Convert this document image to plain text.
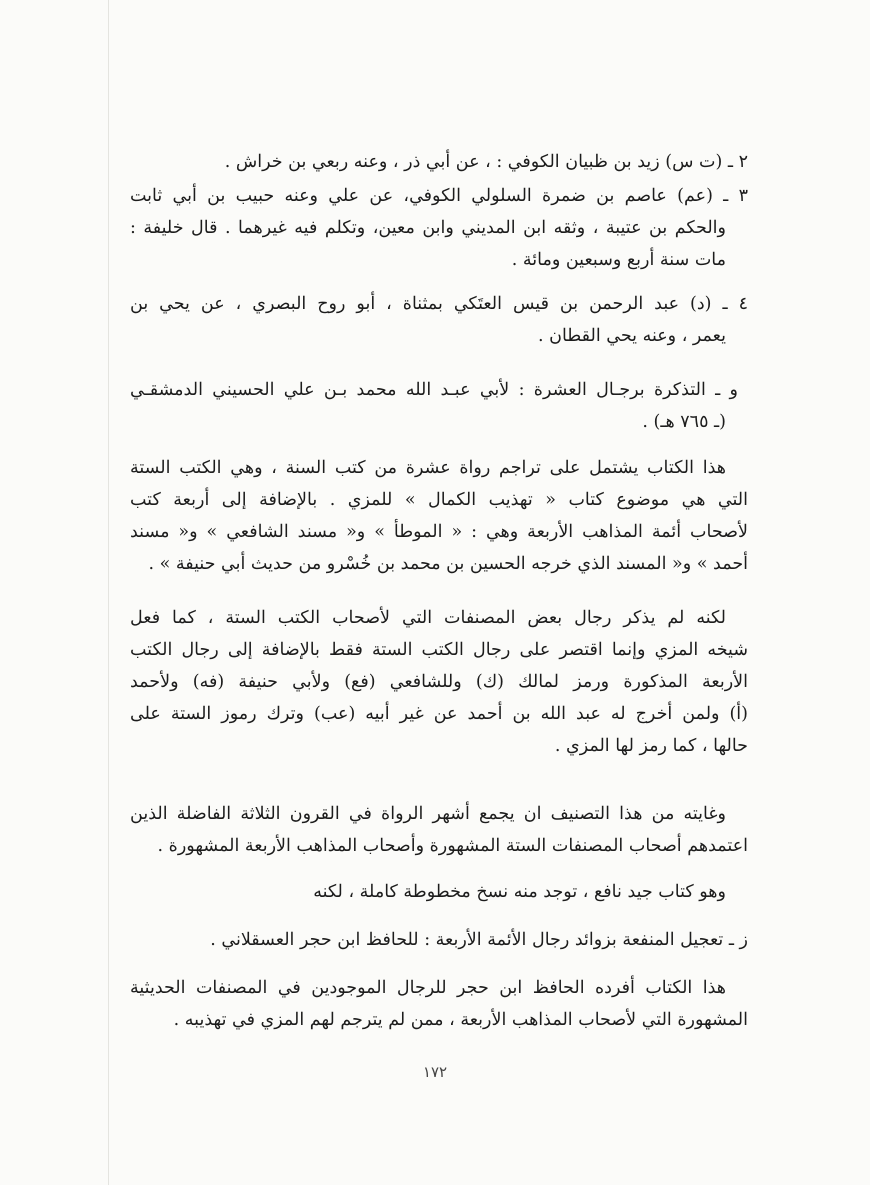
٢ ـ (ت س) زيد بن ظبيان الكوفي : ، عن أبي ذر ، وعنه ربعي بن خراش .

٣ ـ (عم) عاصم بن ضمرة السلولي الكوفي، عن علي وعنه حبيب بن أبي ثابت
والحكم بن عتيبة ، وثقه ابن المديني وابن معين، وتكلم فيه غيرهما . قال خليفة :
مات سنة أربع وسبعين ومائة .

٤ ـ (د) عبد الرحمن بن قيس العتَكي بمثناة ، أبو روح البصري ، عن يحي بن
يعمر ، وعنه يحي القطان .

و ـ التذكرة برجـال العشرة : لأبي عبـد الله محمد بـن علي الحسيني الدمشقـي
(ـ ٧٦٥ هـ) .

هذا الكتاب يشتمل على تراجم رواة عشرة من كتب السنة ، وهي الكتب الستة
التي هي موضوع كتاب « تهذيب الكمال » للمزي . بالإضافة إلى أربعة كتب
لأصحاب أئمة المذاهب الأربعة وهي : « الموطأ » و« مسند الشافعي » و« مسند
أحمد » و« المسند الذي خرجه الحسين بن محمد بن خُسْرو من حديث أبي حنيفة » .

لكنه لم يذكر رجال بعض المصنفات التي لأصحاب الكتب الستة ، كما فعل
شيخه المزي وإنما اقتصر على رجال الكتب الستة فقط بالإضافة إلى رجال الكتب
الأربعة المذكورة ورمز لمالك (ك) وللشافعي (فع) ولأبي حنيفة (فه) ولأحمد
(أ) ولمن أخرج له عبد الله بن أحمد عن غير أبيه (عب) وترك رموز الستة على
حالها ، كما رمز لها المزي .

وغايته من هذا التصنيف ان يجمع أشهر الرواة في القرون الثلاثة الفاضلة الذين
اعتمدهم أصحاب المصنفات الستة المشهورة وأصحاب المذاهب الأربعة المشهورة .

وهو كتاب جيد نافع ، توجد منه نسخ مخطوطة كاملة ، لكنه

ز ـ تعجيل المنفعة بزوائد رجال الأئمة الأربعة : للحافظ ابن حجر العسقلاني .

هذا الكتاب أفرده الحافظ ابن حجر للرجال الموجودين في المصنفات الحديثية
المشهورة التي لأصحاب المذاهب الأربعة ، ممن لم يترجم لهم المزي في تهذيبه .

١٧٢
